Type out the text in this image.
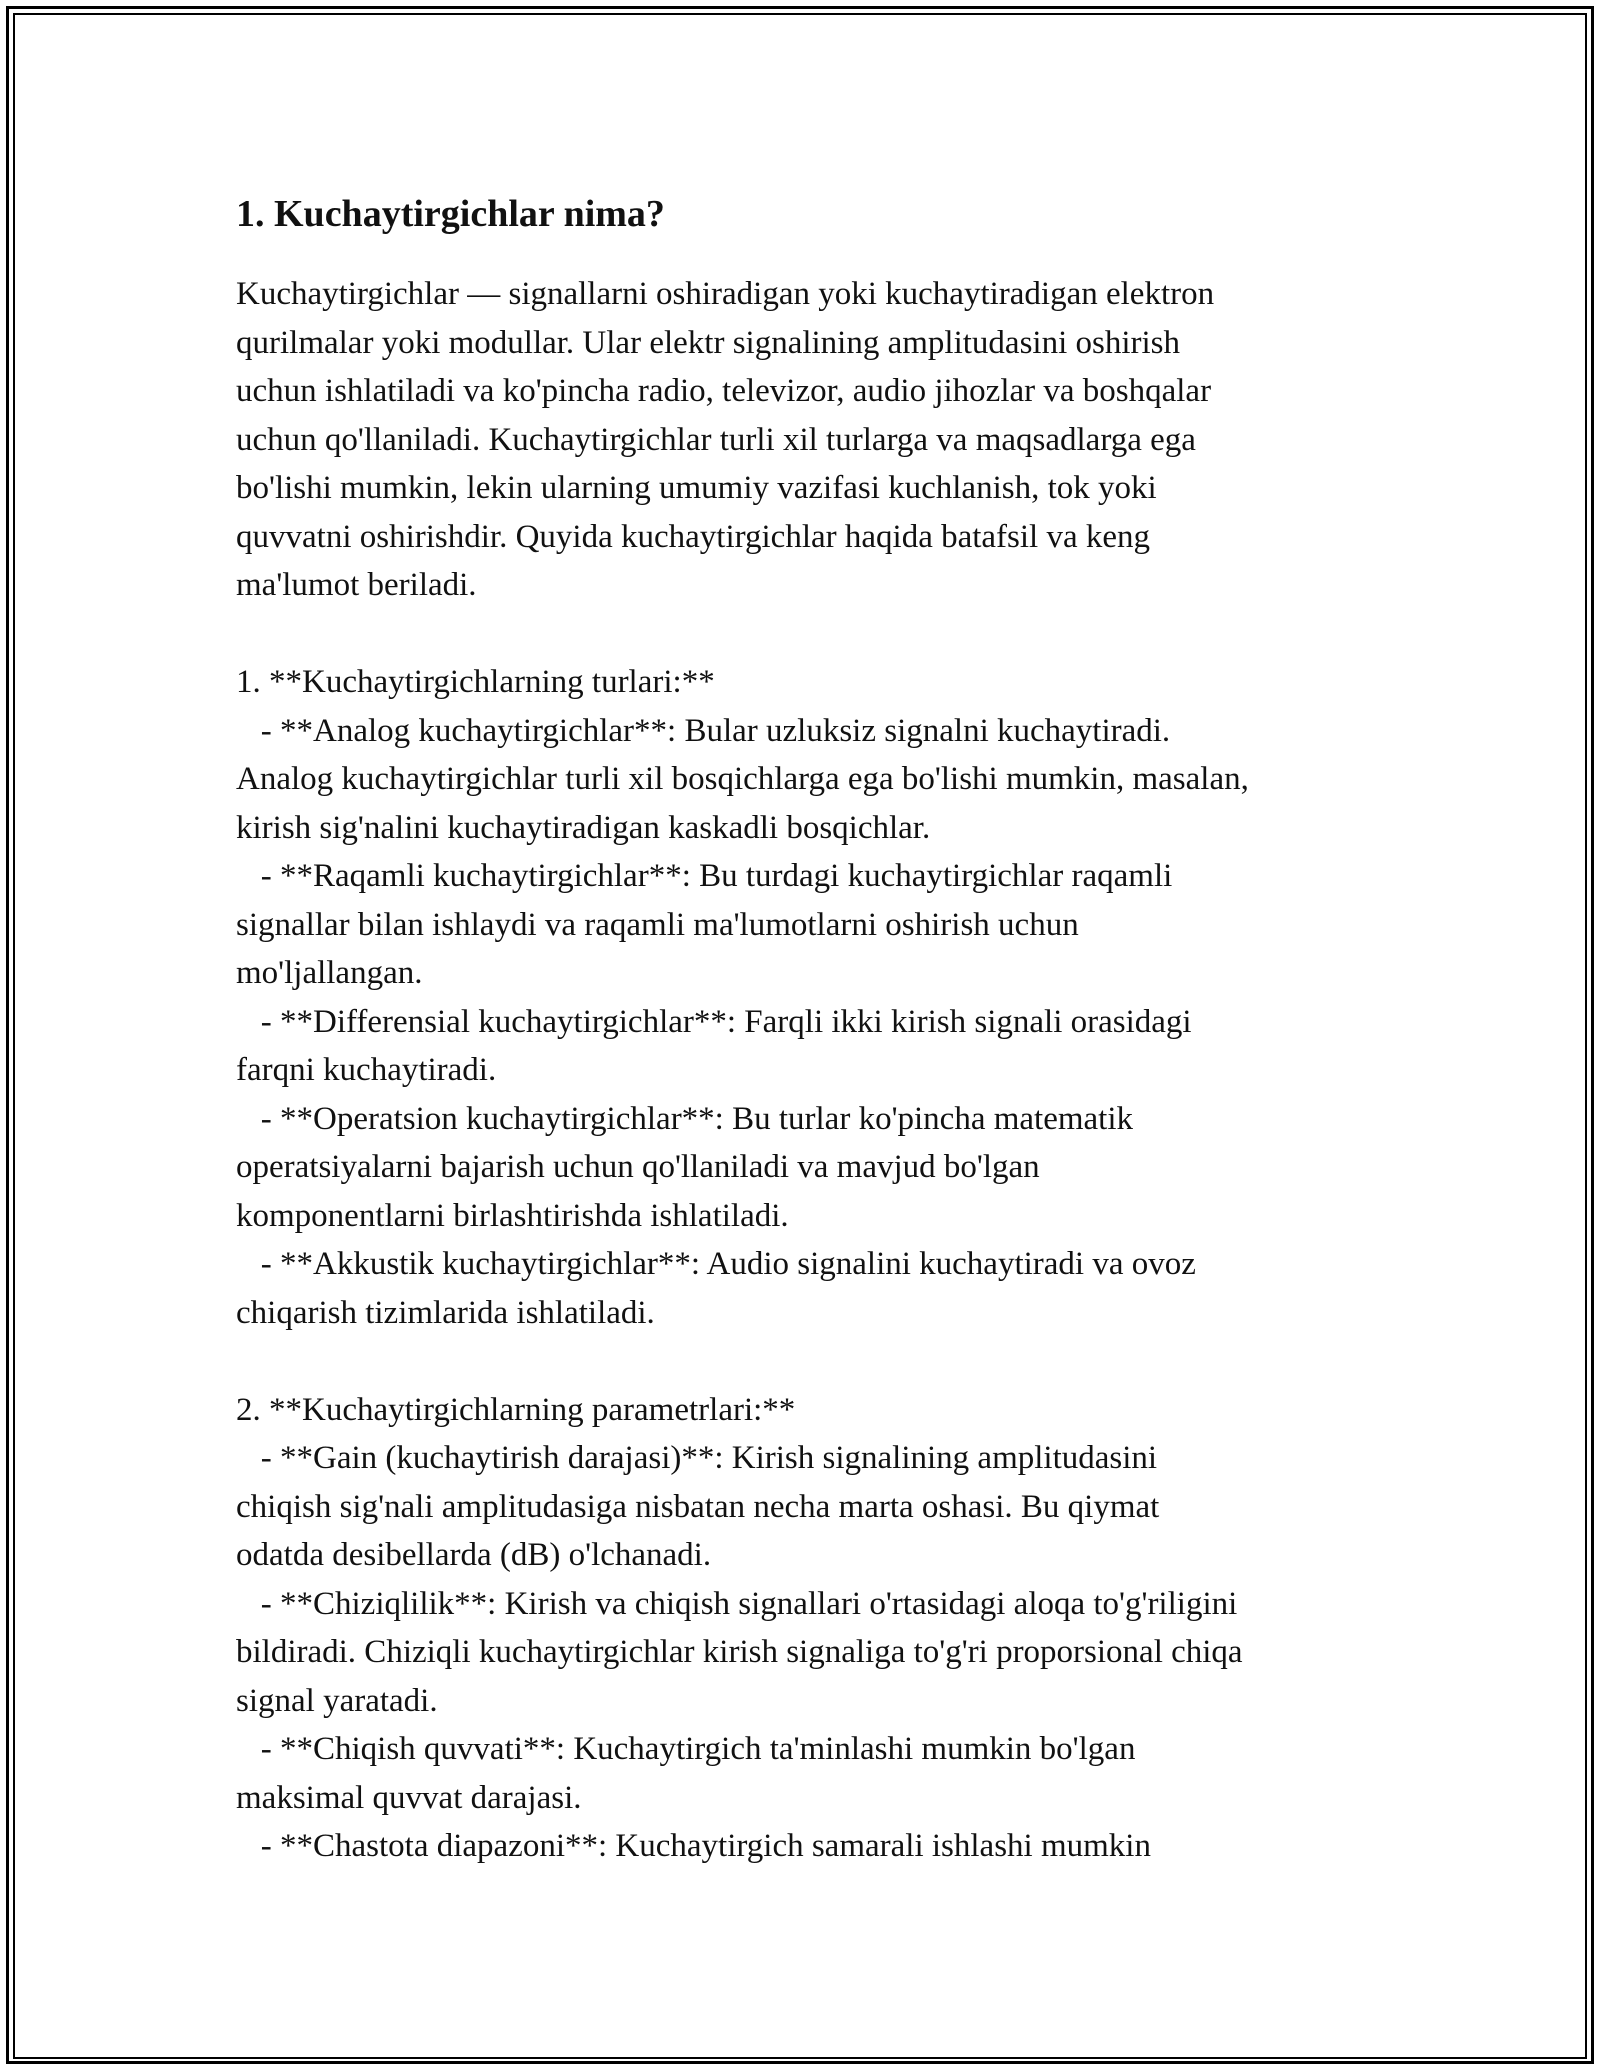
1. Kuchaytirgichlar nima?
Kuchaytirgichlar — signallarni oshiradigan yoki kuchaytiradigan elektron
qurilmalar yoki modullar. Ular elektr signalining amplitudasini oshirish
uchun ishlatiladi va ko'pincha radio, televizor, audio jihozlar va boshqalar
uchun qo'llaniladi. Kuchaytirgichlar turli xil turlarga va maqsadlarga ega
bo'lishi mumkin, lekin ularning umumiy vazifasi kuchlanish, tok yoki
quvvatni oshirishdir. Quyida kuchaytirgichlar haqida batafsil va keng
ma'lumot beriladi.
1. **Kuchaytirgichlarning turlari:**
- **Analog kuchaytirgichlar**: Bular uzluksiz signalni kuchaytiradi.
Analog kuchaytirgichlar turli xil bosqichlarga ega bo'lishi mumkin, masalan,
kirish sig'nalini kuchaytiradigan kaskadli bosqichlar.
- **Raqamli kuchaytirgichlar**: Bu turdagi kuchaytirgichlar raqamli
signallar bilan ishlaydi va raqamli ma'lumotlarni oshirish uchun
mo'ljallangan.
- **Differensial kuchaytirgichlar**: Farqli ikki kirish signali orasidagi
farqni kuchaytiradi.
- **Operatsion kuchaytirgichlar**: Bu turlar ko'pincha matematik
operatsiyalarni bajarish uchun qo'llaniladi va mavjud bo'lgan
komponentlarni birlashtirishda ishlatiladi.
- **Akkustik kuchaytirgichlar**: Audio signalini kuchaytiradi va ovoz
chiqarish tizimlarida ishlatiladi.
2. **Kuchaytirgichlarning parametrlari:**
- **Gain (kuchaytirish darajasi)**: Kirish signalining amplitudasini
chiqish sig'nali amplitudasiga nisbatan necha marta oshasi. Bu qiymat
odatda desibellarda (dB) o'lchanadi.
- **Chiziqlilik**: Kirish va chiqish signallari o'rtasidagi aloqa to'g'riligini
bildiradi. Chiziqli kuchaytirgichlar kirish signaliga to'g'ri proporsional chiqa
signal yaratadi.
- **Chiqish quvvati**: Kuchaytirgich ta'minlashi mumkin bo'lgan
maksimal quvvat darajasi.
- **Chastota diapazoni**: Kuchaytirgich samarali ishlashi mumkin
